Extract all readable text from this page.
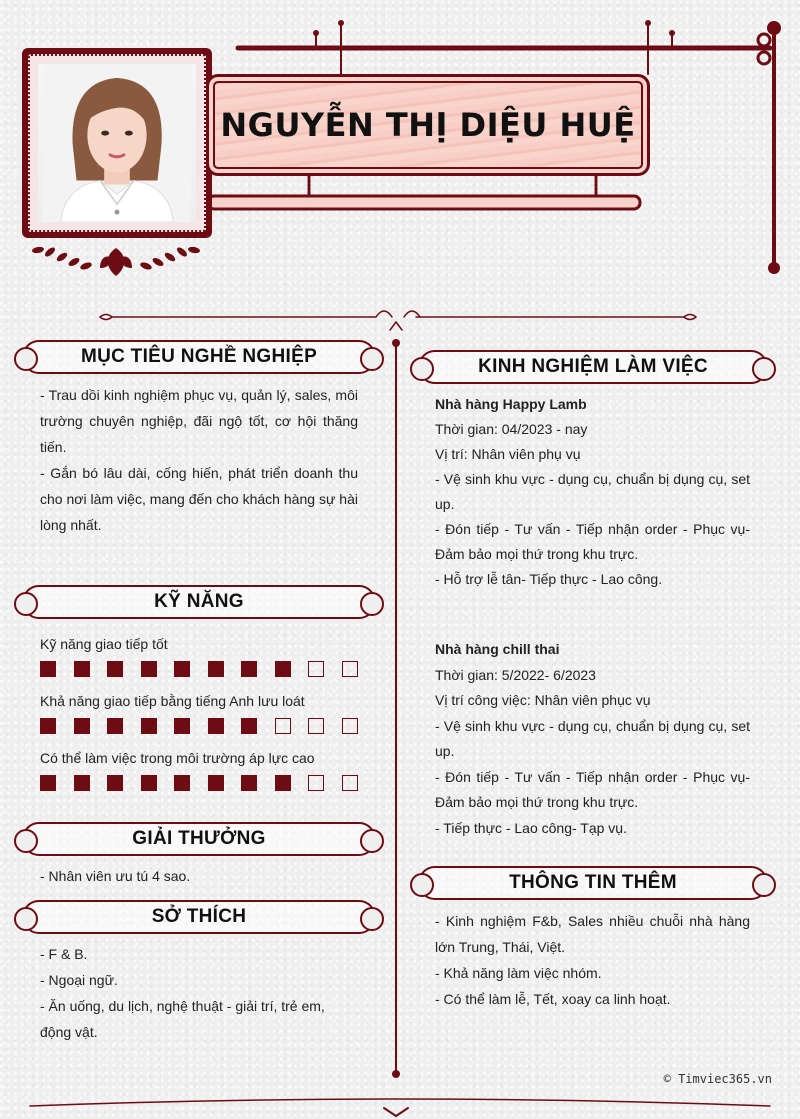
NGUYỄN THỊ DIỆU HUỆ
MỤC TIÊU NGHỀ NGHIỆP

- Trau dồi kinh nghiệm phục vụ, quản lý, sales, môi trường chuyên nghiệp, đãi ngộ tốt, cơ hội thăng tiến.

- Gắn bó lâu dài, cống hiến, phát triển doanh thu cho nơi làm việc, mang đến cho khách hàng sự hài lòng nhất.

KỸ NĂNG
Kỹ năng giao tiếp tốt
Khả năng giao tiếp bằng tiếng Anh lưu loát
Có thể làm việc trong môi trường áp lực cao
GIẢI THƯỞNG

- Nhân viên ưu tú 4 sao.

SỞ THÍCH

- F & B.

- Ngoại ngữ.

- Ăn uống, du lịch, nghệ thuật - giải trí, trẻ em, động vật.

KINH NGHIỆM LÀM VIỆC

Nhà hàng Happy Lamb

Thời gian: 04/2023 - nay

Vị trí: Nhân viên phụ vụ

- Vệ sinh khu vực - dụng cụ, chuẩn bị dụng cụ, set up.

- Đón tiếp - Tư vấn - Tiếp nhận order - Phục vụ- Đảm bảo mọi thứ trong khu trực.

- Hỗ trợ lễ tân- Tiếp thực - Lao công.

Nhà hàng chill thai

Thời gian: 5/2022- 6/2023

Vị trí công việc: Nhân viên phục vụ

- Vệ sinh khu vực - dụng cụ, chuẩn bị dụng cụ, set up.

- Đón tiếp - Tư vấn - Tiếp nhận order - Phục vụ- Đảm bảo mọi thứ trong khu trực.

- Tiếp thực - Lao công- Tạp vụ.

THÔNG TIN THÊM

- Kinh nghiệm F&b, Sales nhiều chuỗi nhà hàng lớn Trung, Thái, Việt.

- Khả năng làm việc nhóm.

- Có thể làm lễ, Tết, xoay ca linh hoạt.

© Timviec365.vn
